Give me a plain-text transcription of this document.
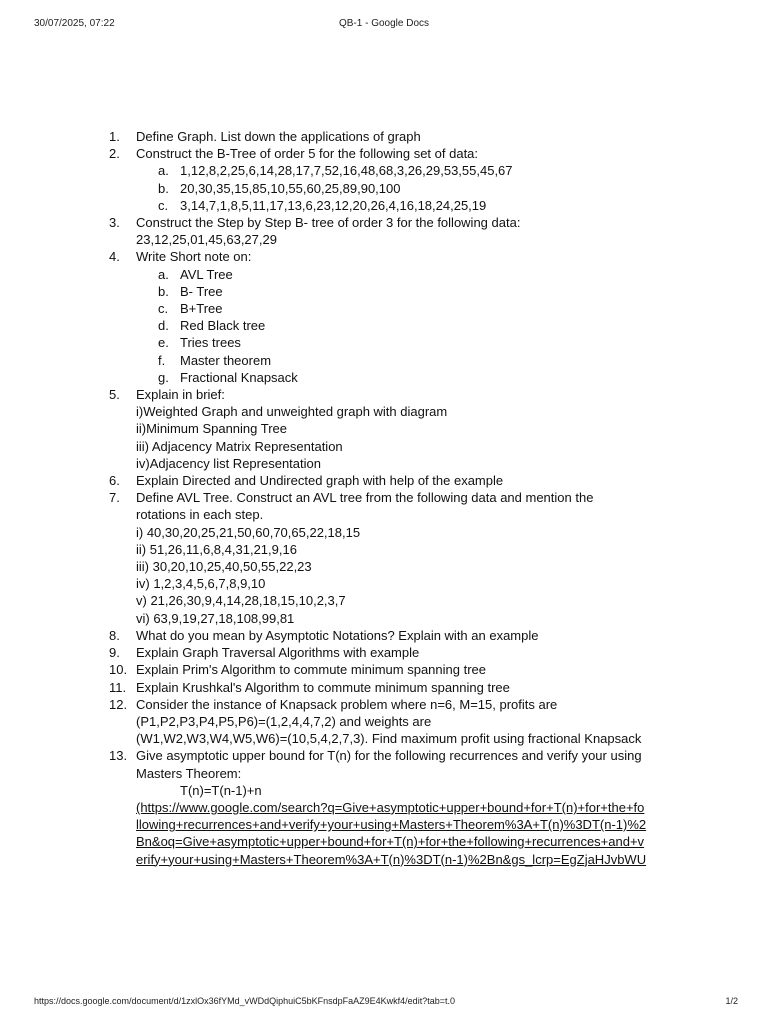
30/07/2025, 07:22	QB-1 - Google Docs
1.	Define Graph. List down the applications of graph
2.	Construct the B-Tree of order 5 for the following set of data:
a. 1,12,8,2,25,6,14,28,17,7,52,16,48,68,3,26,29,53,55,45,67
b. 20,30,35,15,85,10,55,60,25,89,90,100
c. 3,14,7,1,8,5,11,17,13,6,23,12,20,26,4,16,18,24,25,19
3.	Construct the Step by Step B- tree of order 3 for the following data:
23,12,25,01,45,63,27,29
4.	Write Short note on:
a. AVL Tree
b. B- Tree
c. B+Tree
d. Red Black tree
e. Tries trees
f.	Master theorem
g. Fractional Knapsack
5.	Explain in brief:
i)Weighted Graph and unweighted graph with diagram
ii)Minimum Spanning Tree
iii) Adjacency Matrix Representation
iv)Adjacency list Representation
6.	Explain Directed and Undirected graph with help of the example
7.	Define AVL Tree. Construct an AVL tree from the following data and mention the
rotations in each step.
i) 40,30,20,25,21,50,60,70,65,22,18,15
ii) 51,26,11,6,8,4,31,21,9,16
iii) 30,20,10,25,40,50,55,22,23
iv) 1,2,3,4,5,6,7,8,9,10
v) 21,26,30,9,4,14,28,18,15,10,2,3,7
vi) 63,9,19,27,18,108,99,81
8.	What do you mean by Asymptotic Notations? Explain with an example
9.	Explain Graph Traversal Algorithms with example
10. Explain Prim's Algorithm to commute minimum spanning tree
11. Explain Krushkal's Algorithm to commute minimum spanning tree
12. Consider the instance of Knapsack problem where n=6, M=15, profits are
(P1,P2,P3,P4,P5,P6)=(1,2,4,4,7,2) and weights are
(W1,W2,W3,W4,W5,W6)=(10,5,4,2,7,3). Find maximum profit using fractional Knapsack
13. Give asymptotic upper bound for T(n) for the following recurrences and verify your using
Masters Theorem:
T(n)=T(n-1)+n
(https://www.google.com/search?q=Give+asymptotic+upper+bound+for+T(n)+for+the+fo
llowing+recurrences+and+verify+your+using+Masters+Theorem%3A+T(n)%3DT(n-1)%2
Bn&oq=Give+asymptotic+upper+bound+for+T(n)+for+the+following+recurrences+and+v
erify+your+using+Masters+Theorem%3A+T(n)%3DT(n-1)%2Bn&gs_lcrp=EgZjaHJvbWU
https://docs.google.com/document/d/1zxlOx36fYMd_vWDdQiphuiC5bKFnsdpFaAZ9E4Kwkf4/edit?tab=t.0	1/2
